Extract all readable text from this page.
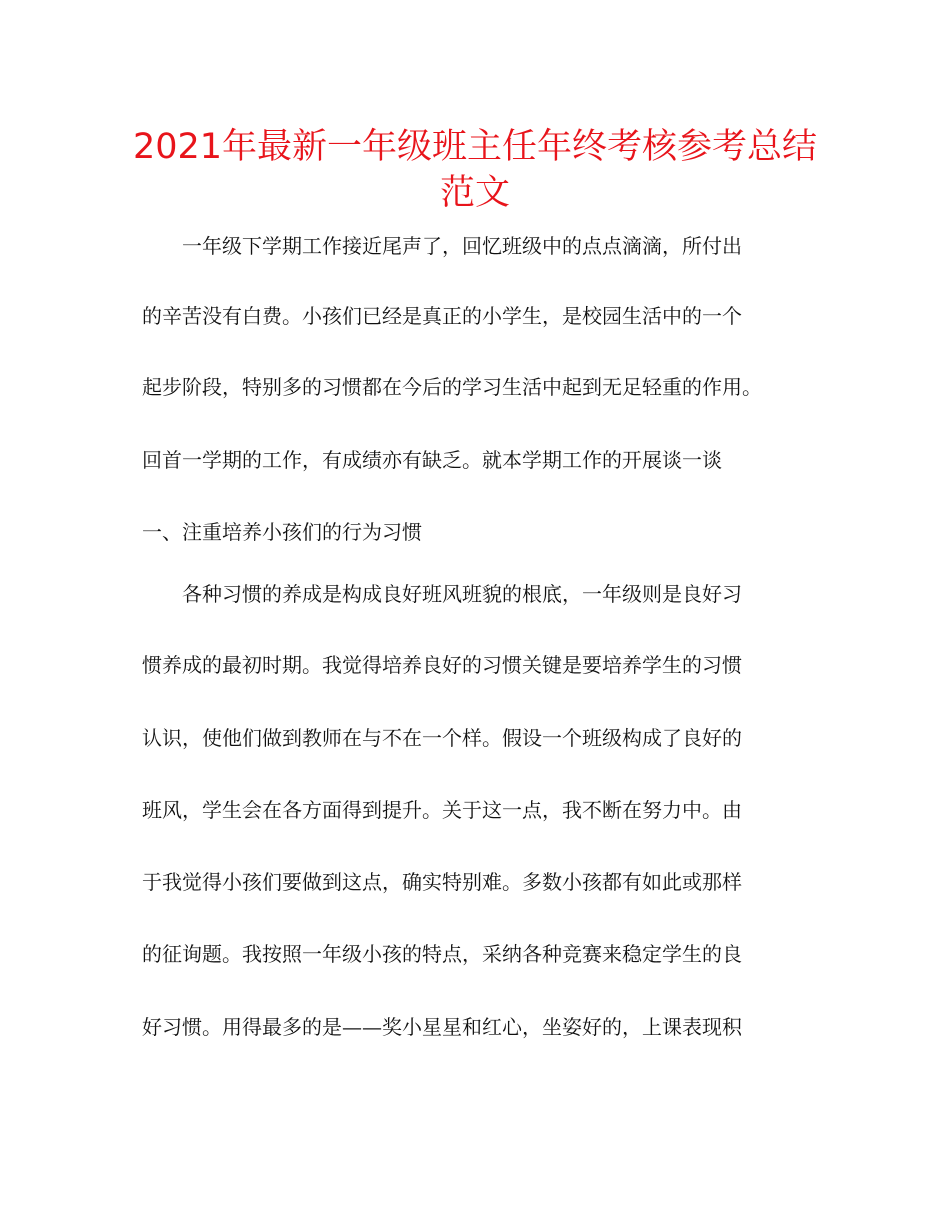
2021年最新一年级班主任年终考核参考总结范文

　　一年级下学期工作接近尾声了，回忆班级中的点点滴滴，所付出

的辛苦没有白费。小孩们已经是真正的小学生，是校园生活中的一个

起步阶段，特别多的习惯都在今后的学习生活中起到无足轻重的作用。

回首一学期的工作，有成绩亦有缺乏。就本学期工作的开展谈一谈

一、注重培养小孩们的行为习惯

　　各种习惯的养成是构成良好班风班貌的根底，一年级则是良好习

惯养成的最初时期。我觉得培养良好的习惯关键是要培养学生的习惯

认识，使他们做到教师在与不在一个样。假设一个班级构成了良好的

班风，学生会在各方面得到提升。关于这一点，我不断在努力中。由

于我觉得小孩们要做到这点，确实特别难。多数小孩都有如此或那样

的征询题。我按照一年级小孩的特点，采纳各种竞赛来稳定学生的良

好习惯。用得最多的是——奖小星星和红心，坐姿好的，上课表现积
